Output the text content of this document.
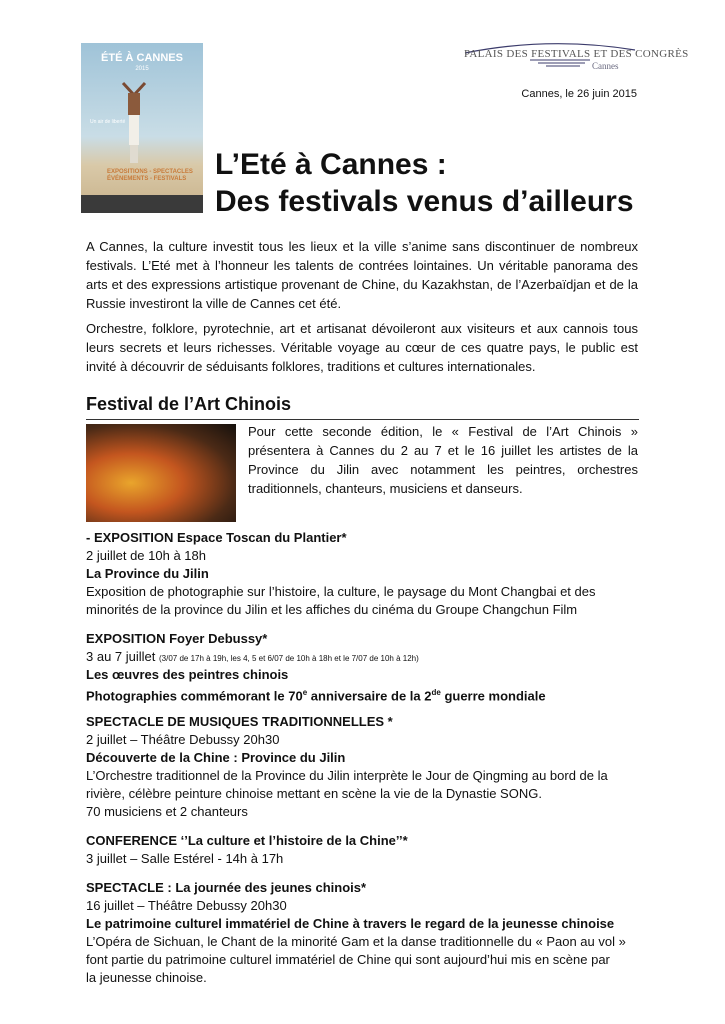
ÉTÉ À CANNES
2015
Un air de liberté
EXPOSITIONS - SPECTACLES ÉVÉNEMENTS - FESTIVALS
PALAIS DES FESTIVALS ET DES CONGRÈS
Cannes
Cannes, le 26 juin 2015
L’Eté à Cannes :
Des festivals venus d’ailleurs

A Cannes, la culture investit tous les lieux et la ville s’anime sans discontinuer de nombreux festivals. L’Eté met à l’honneur les talents de contrées lointaines. Un véritable panorama des arts et des expressions artistique provenant de Chine, du Kazakhstan, de l’Azerbaïdjan et de la Russie investiront la ville de Cannes cet été.

Orchestre, folklore, pyrotechnie, art et artisanat dévoileront aux visiteurs et aux cannois tous leurs secrets et leurs richesses. Véritable voyage au cœur de ces quatre pays, le public est invité à découvrir de séduisants folklores, traditions et cultures internationales.

Festival de l’Art Chinois

Pour cette seconde édition, le « Festival de l’Art Chinois » présentera à Cannes du 2 au 7 et le 16 juillet les artistes de la Province du Jilin avec notamment les peintres, orchestres traditionnels, chanteurs, musiciens et danseurs.

- EXPOSITION Espace Toscan du Plantier*
2 juillet de 10h à 18h
La Province du Jilin
Exposition de photographie sur l’histoire, la culture, le paysage du Mont Changbai et des
minorités de la province du Jilin et les affiches du cinéma du Groupe Changchun Film
EXPOSITION Foyer Debussy*
3 au 7 juillet (3/07 de 17h à 19h, les 4, 5 et 6/07 de 10h à 18h et le 7/07 de 10h à 12h)
Les œuvres des peintres chinois
Photographies commémorant le 70e anniversaire de la 2de guerre mondiale
SPECTACLE DE MUSIQUES TRADITIONNELLES *
2 juillet – Théâtre Debussy 20h30
Découverte de la Chine : Province du Jilin
L’Orchestre traditionnel de la Province du Jilin interprète le Jour de Qingming au bord de la
rivière, célèbre peinture chinoise mettant en scène la vie de la Dynastie SONG.
70 musiciens et 2 chanteurs
CONFERENCE ‘’La culture et l’histoire de la Chine’’*
3 juillet – Salle Estérel - 14h à 17h
SPECTACLE : La journée des jeunes chinois*
16 juillet – Théâtre Debussy 20h30
Le patrimoine culturel immatériel de Chine à travers le regard de la jeunesse chinoise
L’Opéra de Sichuan, le Chant de la minorité Gam et la danse traditionnelle du « Paon au vol »
font partie du patrimoine culturel immatériel de Chine qui sont aujourd’hui mis en scène par
la jeunesse chinoise.
